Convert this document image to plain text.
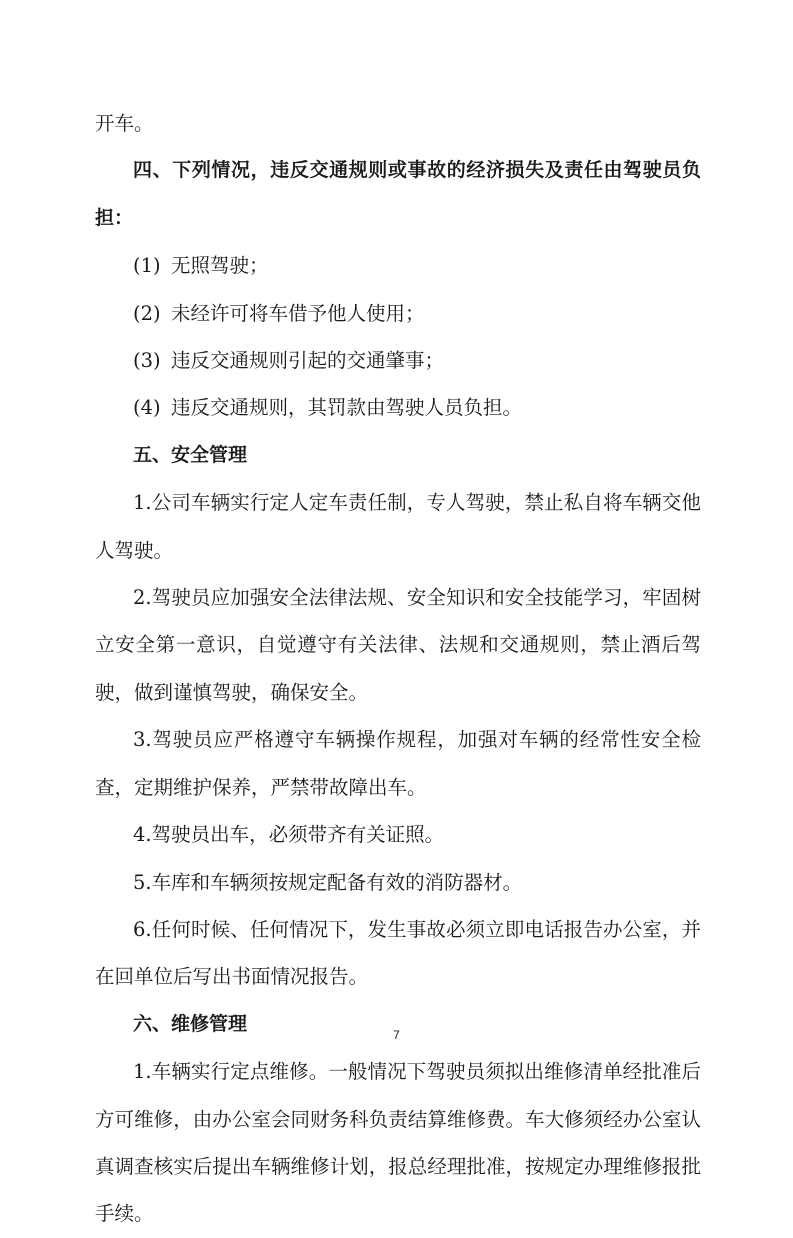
开车。
四、下列情况，违反交通规则或事故的经济损失及责任由驾驶员负担：
(1) 无照驾驶；
(2) 未经许可将车借予他人使用；
(3) 违反交通规则引起的交通肇事；
(4) 违反交通规则，其罚款由驾驶人员负担。
五、安全管理
1.公司车辆实行定人定车责任制，专人驾驶，禁止私自将车辆交他人驾驶。
2.驾驶员应加强安全法律法规、安全知识和安全技能学习，牢固树立安全第一意识，自觉遵守有关法律、法规和交通规则，禁止酒后驾驶，做到谨慎驾驶，确保安全。
3.驾驶员应严格遵守车辆操作规程，加强对车辆的经常性安全检查，定期维护保养，严禁带故障出车。
4.驾驶员出车，必须带齐有关证照。
5.车库和车辆须按规定配备有效的消防器材。
6.任何时候、任何情况下，发生事故必须立即电话报告办公室，并在回单位后写出书面情况报告。
六、维修管理
1.车辆实行定点维修。一般情况下驾驶员须拟出维修清单经批准后方可维修，由办公室会同财务科负责结算维修费。车大修须经办公室认真调查核实后提出车辆维修计划，报总经理批准，按规定办理维修报批手续。
7
